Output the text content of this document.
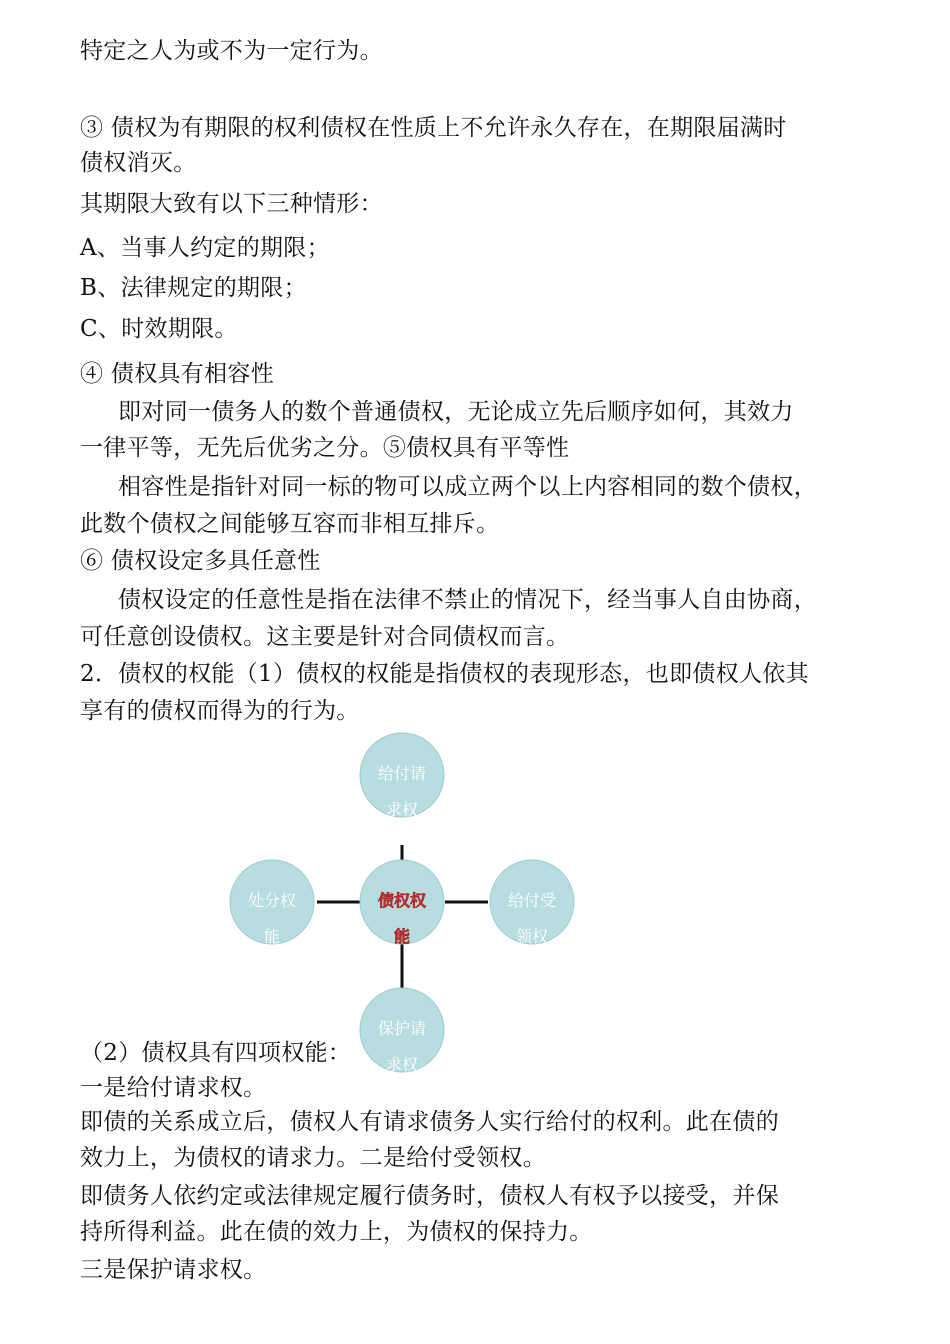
特定之人为或不为一定行为。
③ 债权为有期限的权利债权在性质上不允许永久存在，在期限届满时
债权消灭。
其期限大致有以下三种情形：
A、当事人约定的期限；
B、法律规定的期限；
C、时效期限。
④ 债权具有相容性
即对同一债务人的数个普通债权，无论成立先后顺序如何，其效力
一律平等，无先后优劣之分。⑤债权具有平等性
相容性是指针对同一标的物可以成立两个以上内容相同的数个债权，
此数个债权之间能够互容而非相互排斥。
⑥ 债权设定多具任意性
债权设定的任意性是指在法律不禁止的情况下，经当事人自由协商，
可任意创设债权。这主要是针对合同债权而言。
2．债权的权能（1）债权的权能是指债权的表现形态，也即债权人依其
享有的债权而得为的行为。
给付请
求权
债权权
能
处分权
能
给付受
领权
保护请
求权
（2）债权具有四项权能：
一是给付请求权。
即债的关系成立后，债权人有请求债务人实行给付的权利。此在债的
效力上，为债权的请求力。二是给付受领权。
即债务人依约定或法律规定履行债务时，债权人有权予以接受，并保
持所得利益。此在债的效力上，为债权的保持力。
三是保护请求权。
